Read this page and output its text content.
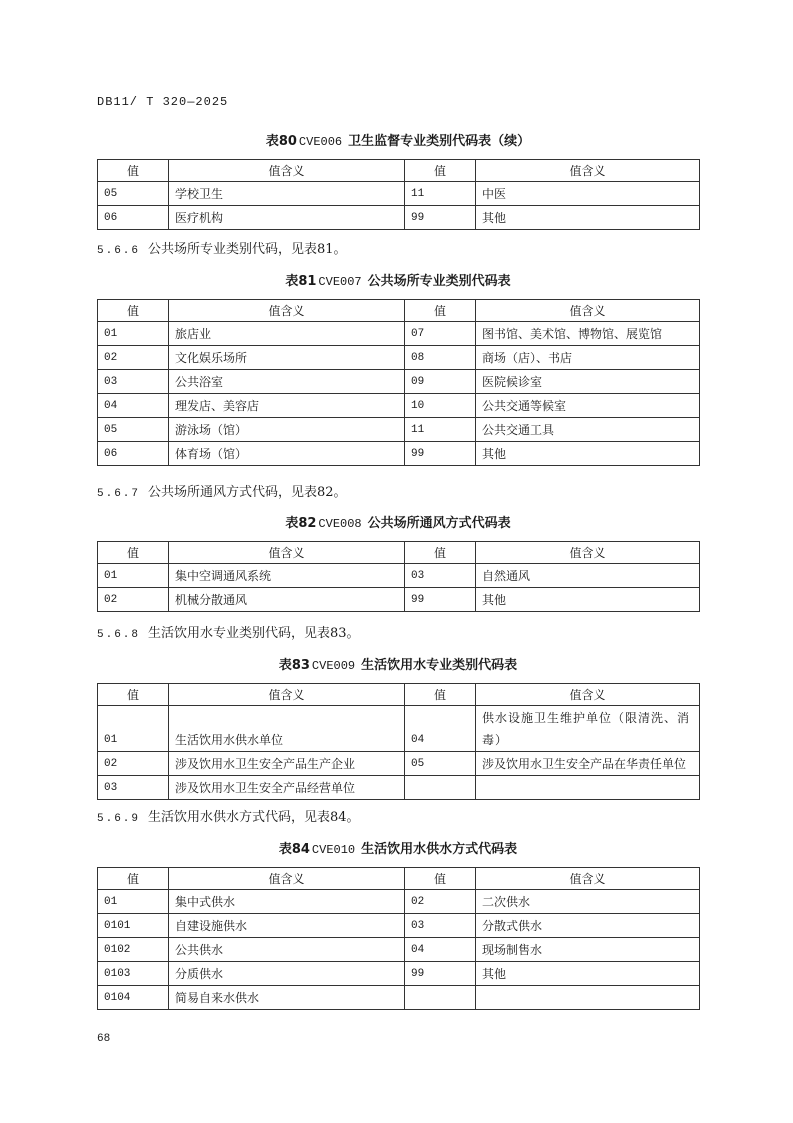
DB11/ T 320—2025
表80 CVE006 卫生监督专业类别代码表（续）
值	值含义	值	值含义
05	学校卫生	11	中医
06	医疗机构	99	其他
5.6.6 公共场所专业类别代码，见表81。
表81 CVE007 公共场所专业类别代码表
值	值含义	值	值含义
01	旅店业	07	图书馆、美术馆、博物馆、展览馆
02	文化娱乐场所	08	商场（店）、书店
03	公共浴室	09	医院候诊室
04	理发店、美容店	10	公共交通等候室
05	游泳场（馆）	11	公共交通工具
06	体育场（馆）	99	其他
5.6.7 公共场所通风方式代码，见表82。
表82 CVE008 公共场所通风方式代码表
值	值含义	值	值含义
01	集中空调通风系统	03	自然通风
02	机械分散通风	99	其他
5.6.8 生活饮用水专业类别代码，见表83。
表83 CVE009 生活饮用水专业类别代码表
值	值含义	值	值含义
01	生活饮用水供水单位	04	供水设施卫生维护单位（限清洗、消毒）
02	涉及饮用水卫生安全产品生产企业	05	涉及饮用水卫生安全产品在华责任单位
03	涉及饮用水卫生安全产品经营单位		
5.6.9 生活饮用水供水方式代码，见表84。
表84 CVE010 生活饮用水供水方式代码表
值	值含义	值	值含义
01	集中式供水	02	二次供水
0101	自建设施供水	03	分散式供水
0102	公共供水	04	现场制售水
0103	分质供水	99	其他
0104	简易自来水供水		
68
